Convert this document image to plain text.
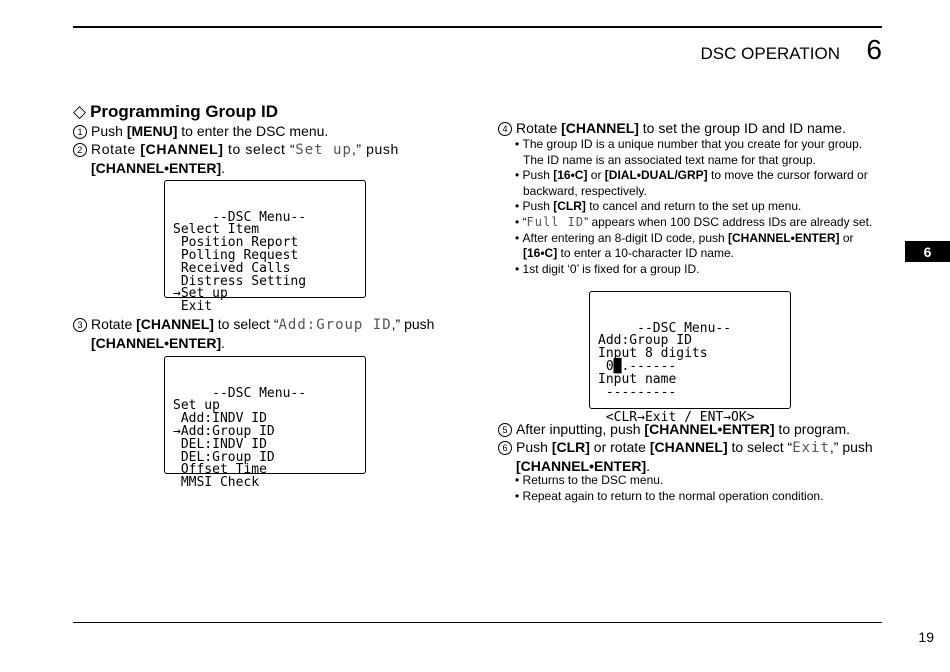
DSC OPERATION 6
6
◇ Programming Group ID
1 Push [MENU] to enter the DSC menu.
2 Rotate [CHANNEL] to select “Set up,” push
[CHANNEL•ENTER].

--DSC Menu--
Select Item
Position Report
Polling Request
Received Calls
Distress Setting
→Set up
Exit

3 Rotate [CHANNEL] to select “Add:Group ID,” push
[CHANNEL•ENTER].

--DSC Menu--
Set up
Add:INDV ID
→Add:Group ID
DEL:INDV ID
DEL:Group ID
Offset Time
MMSI Check

4 Rotate [CHANNEL] to set the group ID and ID name.
• The group ID is a unique number that you create for your group. The ID name is an associated text name for that group.
• Push [16•C] or [DIAL•DUAL/GRP] to move the cursor forward or backward, respectively.
• Push [CLR] to cancel and return to the set up menu.
• “Full ID” appears when 100 DSC address IDs are already set.
• After entering an 8-digit ID code, push [CHANNEL•ENTER] or [16•C] to enter a 10-character ID name.
• 1st digit ‘0’ is fixed for a group ID.

--DSC Menu--
Add:Group ID
Input 8 digits
0█.------
Input name
---------
<CLR→Exit / ENT→OK>

5 After inputting, push [CHANNEL•ENTER] to program.
6 Push [CLR] or rotate [CHANNEL] to select “Exit,” push
[CHANNEL•ENTER].
• Returns to the DSC menu.
• Repeat again to return to the normal operation condition.
19
